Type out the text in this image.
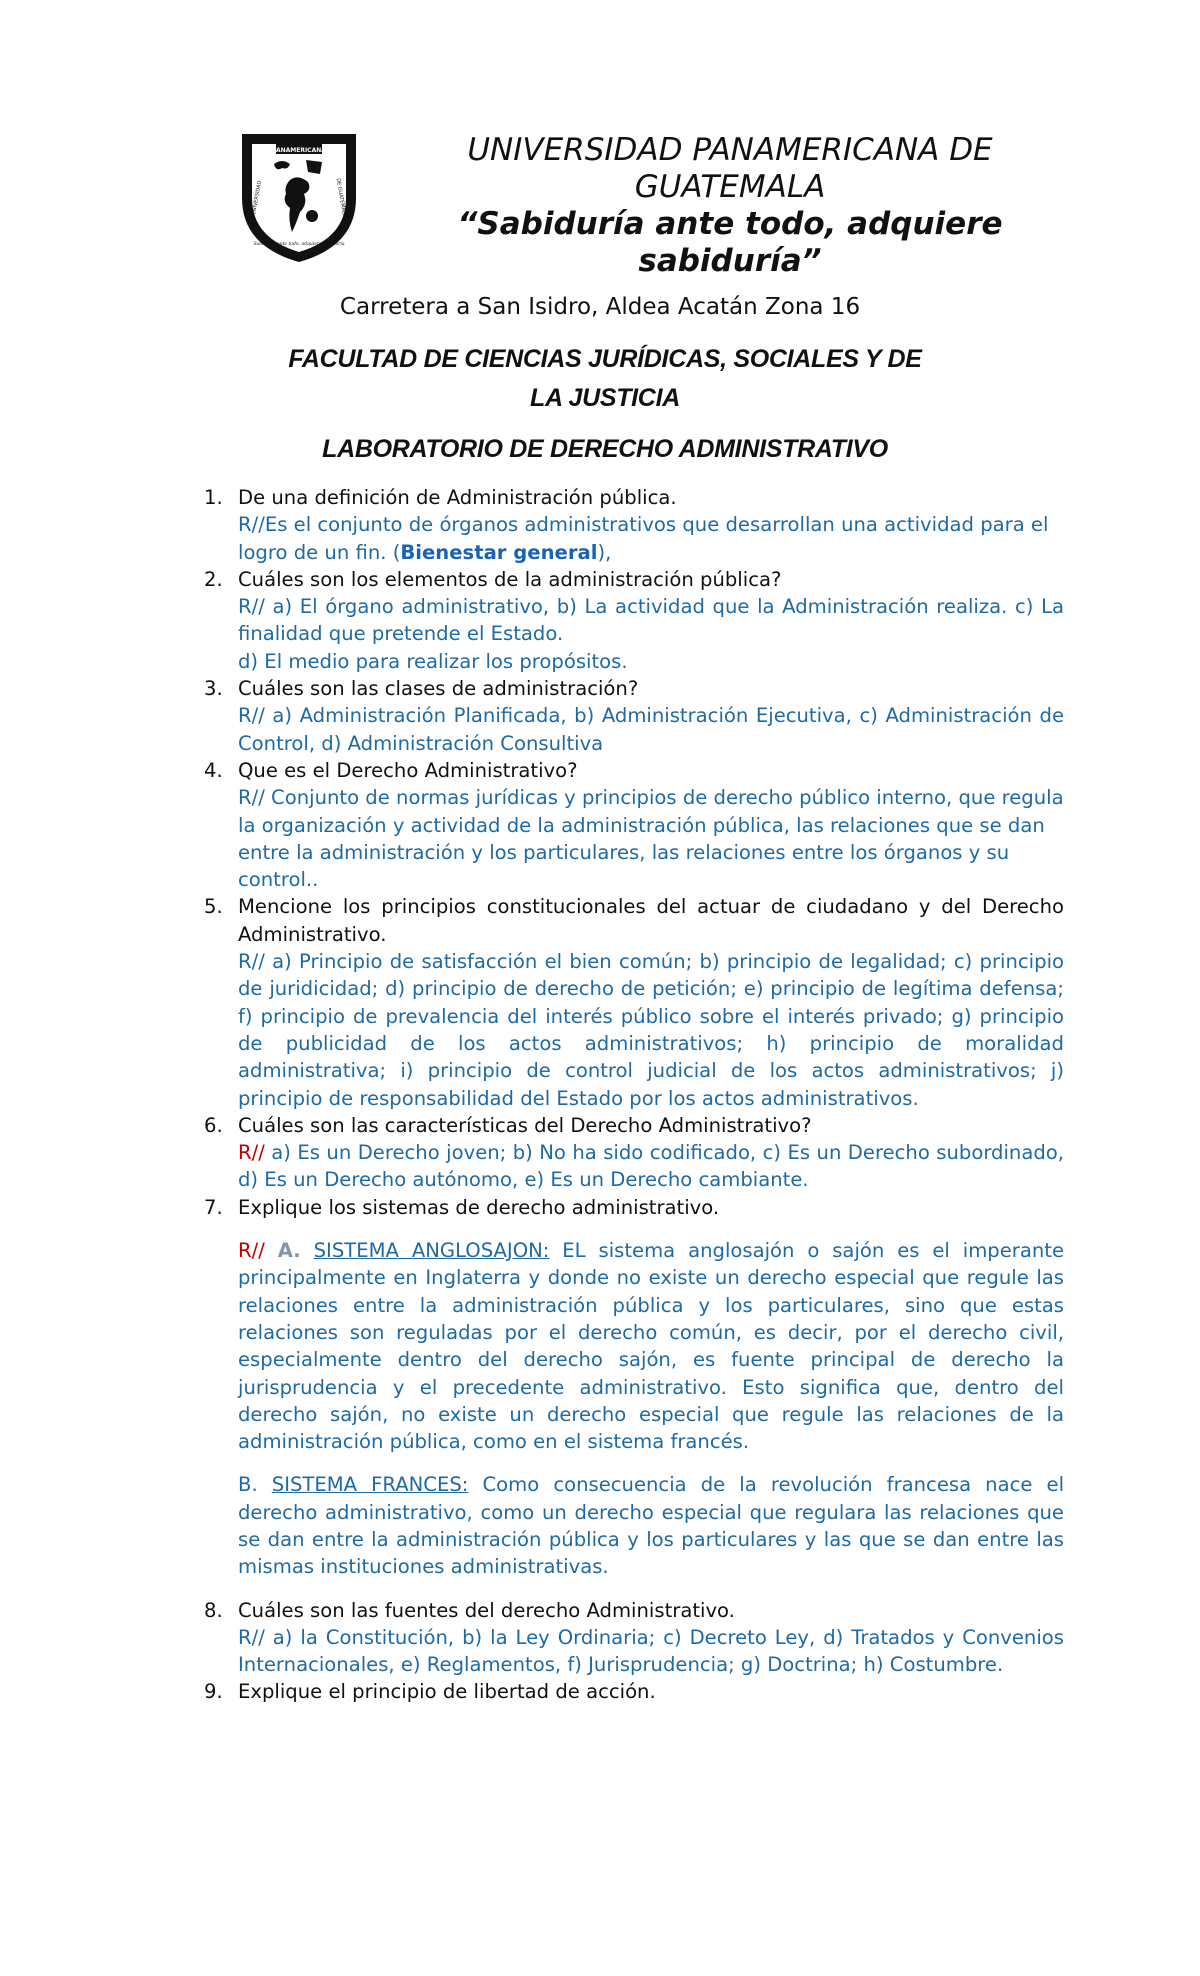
PANAMERICANA
UNIVERSIDAD	DE GUATEMALA
Sabiduría ante todo, adquiere sabiduría
UNIVERSIDAD PANAMERICANA DE GUATEMALA
“Sabiduría ante todo, adquiere sabiduría”
Carretera a San Isidro, Aldea Acatán Zona 16
FACULTAD DE CIENCIAS JURÍDICAS, SOCIALES Y DE LA JUSTICIA
LABORATORIO DE DERECHO ADMINISTRATIVO
1. De una definición de Administración pública.
R//Es el conjunto de órganos administrativos que desarrollan una actividad para el logro de un fin. (Bienestar general),
2. Cuáles son los elementos de la administración pública?
R// a) El órgano administrativo, b) La actividad que la Administración realiza. c) La finalidad que pretende el Estado.
d) El medio para realizar los propósitos.
3. Cuáles son las clases de administración?
R// a) Administración Planificada, b) Administración Ejecutiva, c) Administración de Control, d) Administración Consultiva
4. Que es el Derecho Administrativo?
R// Conjunto de normas jurídicas y principios de derecho público interno, que regula la organización y actividad de la administración pública, las relaciones que se dan entre la administración y los particulares, las relaciones entre los órganos y su control..
5. Mencione los principios constitucionales del actuar de ciudadano y del Derecho Administrativo.
R// a) Principio de satisfacción el bien común; b) principio de legalidad; c) principio de juridicidad; d) principio de derecho de petición; e) principio de legítima defensa; f) principio de prevalencia del interés público sobre el interés privado; g) principio de publicidad de los actos administrativos; h) principio de moralidad administrativa; i) principio de control judicial de los actos administrativos; j) principio de responsabilidad del Estado por los actos administrativos.
6. Cuáles son las características del Derecho Administrativo?
R// a) Es un Derecho joven; b) No ha sido codificado, c) Es un Derecho subordinado, d) Es un Derecho autónomo, e) Es un Derecho cambiante.
7. Explique los sistemas de derecho administrativo.
R// A. SISTEMA ANGLOSAJON: EL sistema anglosajón o sajón es el imperante principalmente en Inglaterra y donde no existe un derecho especial que regule las relaciones entre la administración pública y los particulares, sino que estas relaciones son reguladas por el derecho común, es decir, por el derecho civil, especialmente dentro del derecho sajón, es fuente principal de derecho la jurisprudencia y el precedente administrativo. Esto significa que, dentro del derecho sajón, no existe un derecho especial que regule las relaciones de la administración pública, como en el sistema francés.
B. SISTEMA FRANCES: Como consecuencia de la revolución francesa nace el derecho administrativo, como un derecho especial que regulara las relaciones que se dan entre la administración pública y los particulares y las que se dan entre las mismas instituciones administrativas.
8. Cuáles son las fuentes del derecho Administrativo.
R// a) la Constitución, b) la Ley Ordinaria; c) Decreto Ley, d) Tratados y Convenios Internacionales, e) Reglamentos, f) Jurisprudencia; g) Doctrina; h) Costumbre.
9. Explique el principio de libertad de acción.
